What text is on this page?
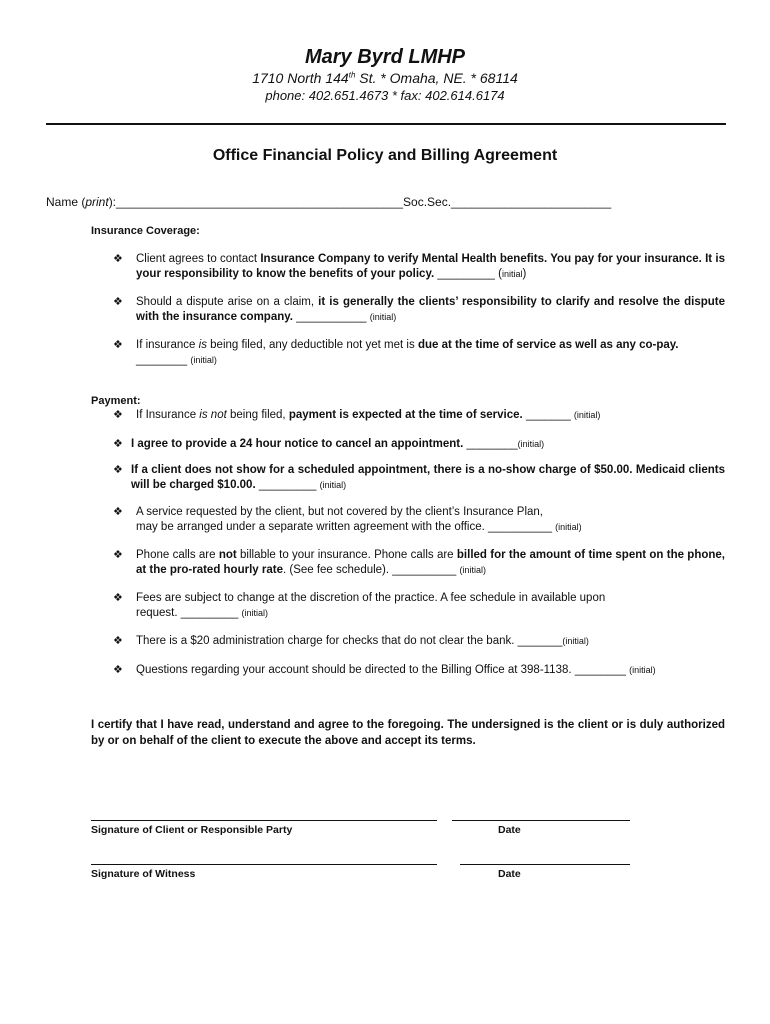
Mary Byrd LMHP
1710 North 144th St. * Omaha, NE. * 68114
phone: 402.651.4673 * fax: 402.614.6174
Office Financial Policy and Billing Agreement
Name (print):___________________________________________Soc.Sec.________________________
Insurance Coverage:
❖ Client agrees to contact Insurance Company to verify Mental Health benefits. You pay for your insurance. It is your responsibility to know the benefits of your policy. _________ (initial)
❖ Should a dispute arise on a claim, it is generally the clients’ responsibility to clarify and resolve the dispute with the insurance company. ___________ (initial)
❖ If insurance is being filed, any deductible not yet met is due at the time of service as well as any co-pay. ________ (initial)
Payment:
❖ If Insurance is not being filed, payment is expected at the time of service. _______ (initial)
❖ I agree to provide a 24 hour notice to cancel an appointment. ________(initial)
❖ If a client does not show for a scheduled appointment, there is a no-show charge of $50.00. Medicaid clients will be charged $10.00. _________ (initial)
❖ A service requested by the client, but not covered by the client’s Insurance Plan,
may be arranged under a separate written agreement with the office. __________ (initial)
❖ Phone calls are not billable to your insurance. Phone calls are billed for the amount of time spent on the phone, at the pro-rated hourly rate. (See fee schedule). __________ (initial)
❖ Fees are subject to change at the discretion of the practice. A fee schedule in available upon
request. _________ (initial)
❖ There is a $20 administration charge for checks that do not clear the bank. _______(initial)
❖ Questions regarding your account should be directed to the Billing Office at 398-1138. ________ (initial)
I certify that I have read, understand and agree to the foregoing. The undersigned is the client or is duly authorized by or on behalf of the client to execute the above and accept its terms.
Signature of Client or Responsible Party	Date
Signature of Witness	Date
